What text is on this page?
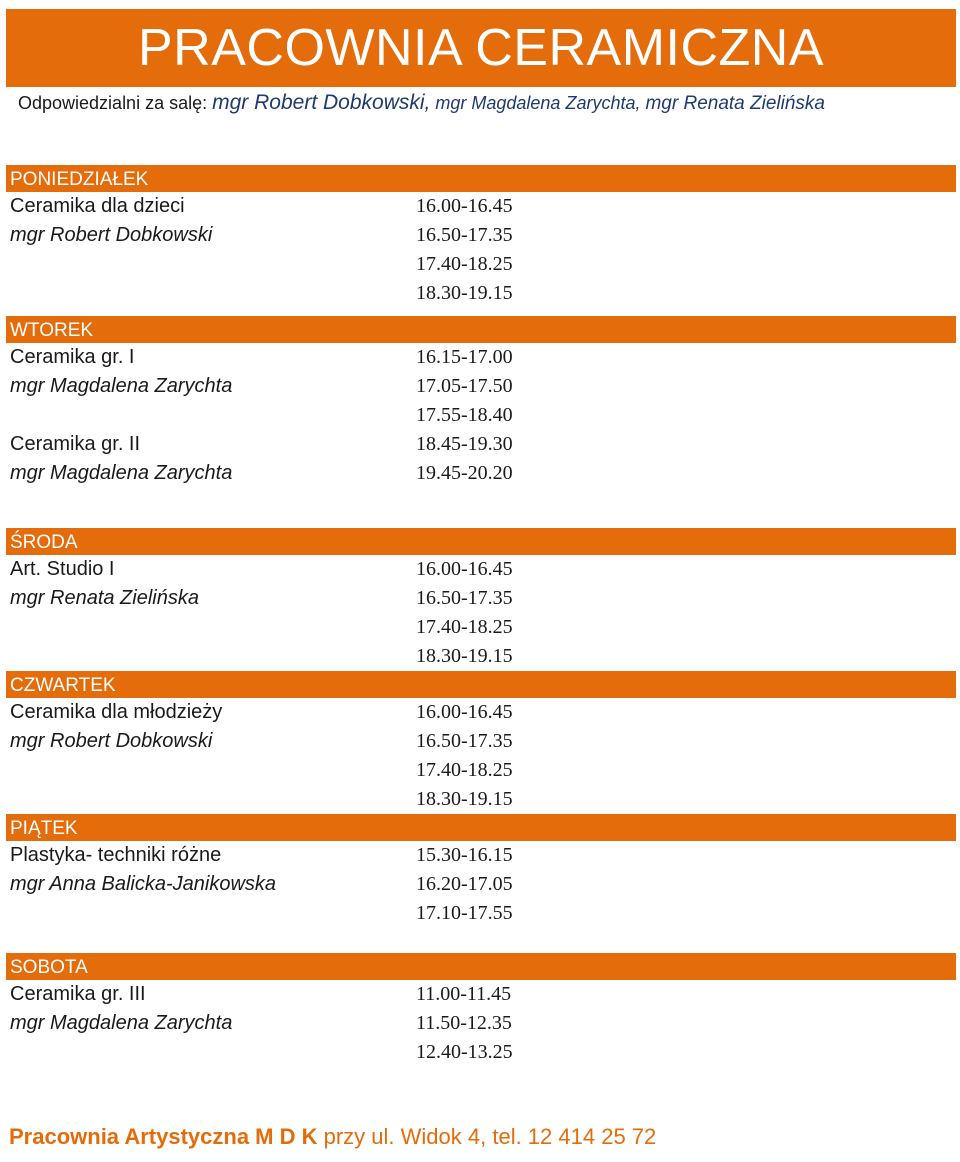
PRACOWNIA CERAMICZNA
Odpowiedzialni za salę: mgr Robert Dobkowski, mgr Magdalena Zarychta, mgr Renata Zielińska
PONIEDZIAŁEK
Ceramika dla dzieci	16.00-16.45
mgr Robert Dobkowski	16.50-17.35
17.40-18.25
18.30-19.15
WTOREK
Ceramika gr. I	16.15-17.00
mgr Magdalena Zarychta	17.05-17.50
17.55-18.40
Ceramika gr. II	18.45-19.30
mgr Magdalena Zarychta	19.45-20.20
ŚRODA
Art. Studio I	16.00-16.45
mgr Renata Zielińska	16.50-17.35
17.40-18.25
18.30-19.15
CZWARTEK
Ceramika dla młodzieży	16.00-16.45
mgr Robert Dobkowski	16.50-17.35
17.40-18.25
18.30-19.15
PIĄTEK
Plastyka- techniki różne	15.30-16.15
mgr Anna Balicka-Janikowska	16.20-17.05
17.10-17.55
SOBOTA
Ceramika gr. III	11.00-11.45
mgr Magdalena Zarychta	11.50-12.35
12.40-13.25
Pracownia Artystyczna M D K przy ul. Widok 4, tel. 12 414 25 72
